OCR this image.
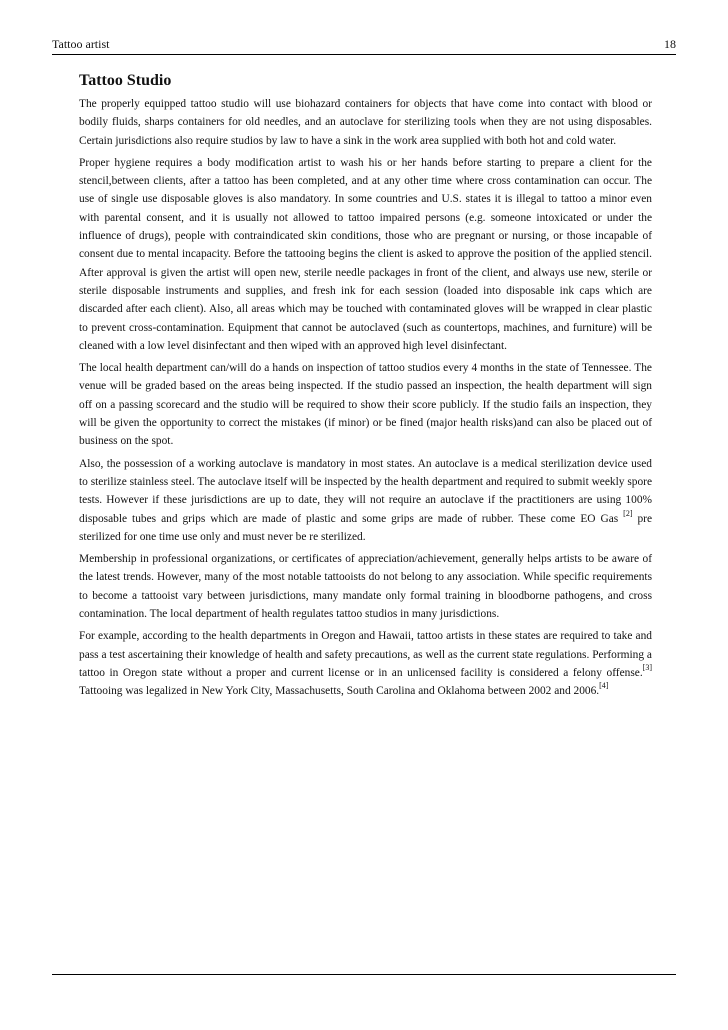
Tattoo artist	18
Tattoo Studio

The properly equipped tattoo studio will use biohazard containers for objects that have come into contact with blood or bodily fluids, sharps containers for old needles, and an autoclave for sterilizing tools when they are not using disposables. Certain jurisdictions also require studios by law to have a sink in the work area supplied with both hot and cold water.

Proper hygiene requires a body modification artist to wash his or her hands before starting to prepare a client for the stencil,between clients, after a tattoo has been completed, and at any other time where cross contamination can occur. The use of single use disposable gloves is also mandatory. In some countries and U.S. states it is illegal to tattoo a minor even with parental consent, and it is usually not allowed to tattoo impaired persons (e.g. someone intoxicated or under the influence of drugs), people with contraindicated skin conditions, those who are pregnant or nursing, or those incapable of consent due to mental incapacity. Before the tattooing begins the client is asked to approve the position of the applied stencil. After approval is given the artist will open new, sterile needle packages in front of the client, and always use new, sterile or sterile disposable instruments and supplies, and fresh ink for each session (loaded into disposable ink caps which are discarded after each client). Also, all areas which may be touched with contaminated gloves will be wrapped in clear plastic to prevent cross-contamination. Equipment that cannot be autoclaved (such as countertops, machines, and furniture) will be cleaned with a low level disinfectant and then wiped with an approved high level disinfectant.

The local health department can/will do a hands on inspection of tattoo studios every 4 months in the state of Tennessee. The venue will be graded based on the areas being inspected. If the studio passed an inspection, the health department will sign off on a passing scorecard and the studio will be required to show their score publicly. If the studio fails an inspection, they will be given the opportunity to correct the mistakes (if minor) or be fined (major health risks)and can also be placed out of business on the spot.

Also, the possession of a working autoclave is mandatory in most states. An autoclave is a medical sterilization device used to sterilize stainless steel. The autoclave itself will be inspected by the health department and required to submit weekly spore tests. However if these jurisdictions are up to date, they will not require an autoclave if the practitioners are using 100% disposable tubes and grips which are made of plastic and some grips are made of rubber. These come EO Gas [2] pre sterilized for one time use only and must never be re sterilized.

Membership in professional organizations, or certificates of appreciation/achievement, generally helps artists to be aware of the latest trends. However, many of the most notable tattooists do not belong to any association. While specific requirements to become a tattooist vary between jurisdictions, many mandate only formal training in bloodborne pathogens, and cross contamination. The local department of health regulates tattoo studios in many jurisdictions.

For example, according to the health departments in Oregon and Hawaii, tattoo artists in these states are required to take and pass a test ascertaining their knowledge of health and safety precautions, as well as the current state regulations. Performing a tattoo in Oregon state without a proper and current license or in an unlicensed facility is considered a felony offense.[3] Tattooing was legalized in New York City, Massachusetts, South Carolina and Oklahoma between 2002 and 2006.[4]
